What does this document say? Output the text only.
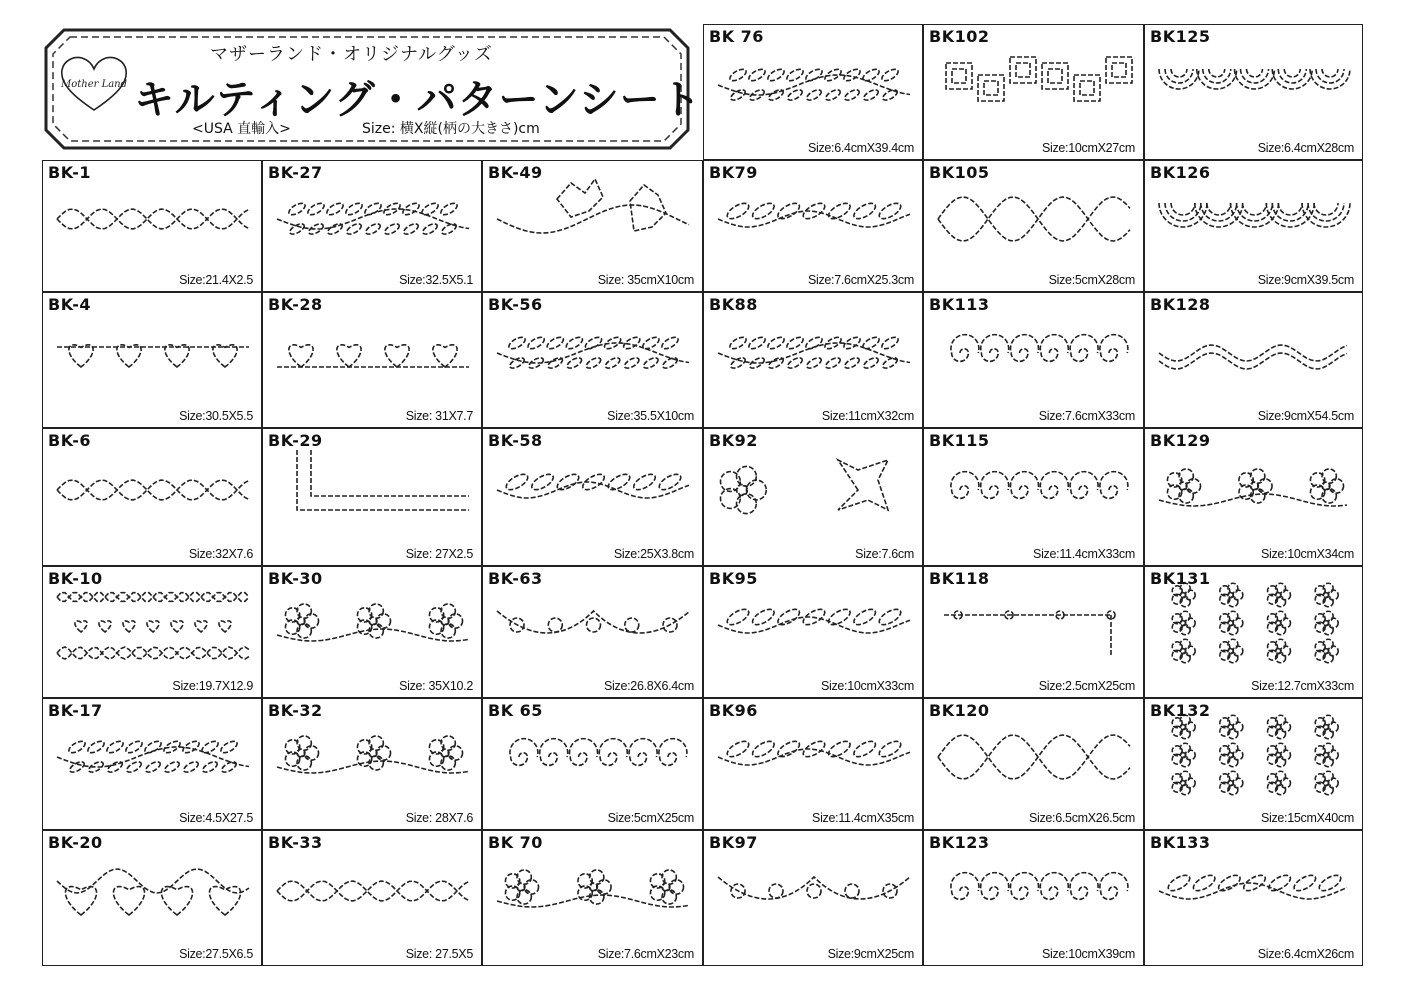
Mother Land
マザーランド・オリジナルグッズ
キルティング・パターンシート
<USA 直輸入>	Size: 横X縦(柄の大きさ)cm
BK 76
Size:6.4cmX39.4cm
BK102
Size:10cmX27cm
BK125
Size:6.4cmX28cm
BK-1
Size:21.4X2.5
BK-27
Size:32.5X5.1
BK-49
Size: 35cmX10cm
BK79
Size:7.6cmX25.3cm
BK105
Size:5cmX28cm
BK126
Size:9cmX39.5cm
BK-4
Size:30.5X5.5
BK-28
Size: 31X7.7
BK-56
Size:35.5X10cm
BK88
Size:11cmX32cm
BK113
Size:7.6cmX33cm
BK128
Size:9cmX54.5cm
BK-6
Size:32X7.6
BK-29
Size: 27X2.5
BK-58
Size:25X3.8cm
BK92
Size:7.6cm
BK115
Size:11.4cmX33cm
BK129
Size:10cmX34cm
BK-10
Size:19.7X12.9
BK-30
Size: 35X10.2
BK-63
Size:26.8X6.4cm
BK95
Size:10cmX33cm
BK118
Size:2.5cmX25cm
BK131
Size:12.7cmX33cm
BK-17
Size:4.5X27.5
BK-32
Size: 28X7.6
BK 65
Size:5cmX25cm
BK96
Size:11.4cmX35cm
BK120
Size:6.5cmX26.5cm
BK132
Size:15cmX40cm
BK-20
Size:27.5X6.5
BK-33
Size: 27.5X5
BK 70
Size:7.6cmX23cm
BK97
Size:9cmX25cm
BK123
Size:10cmX39cm
BK133
Size:6.4cmX26cm
